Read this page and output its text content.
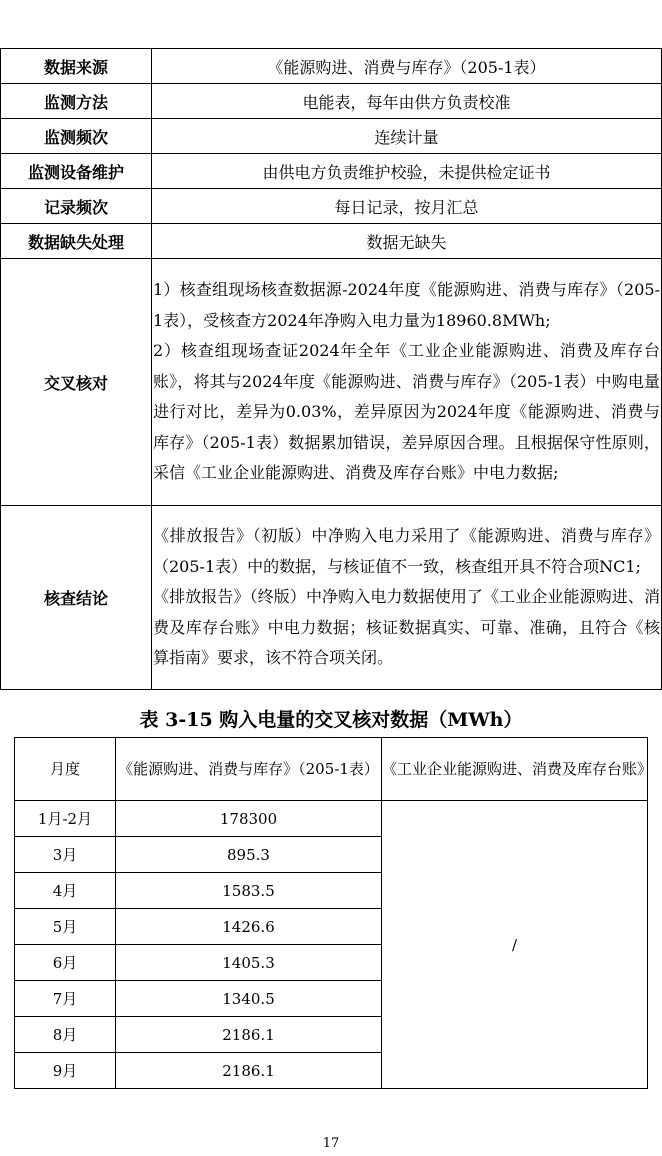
数据来源	《能源购进、消费与库存》（205-1表）
监测方法	电能表，每年由供方负责校准
监测频次	连续计量
监测设备维护	由供电方负责维护校验，未提供检定证书
记录频次	每日记录，按月汇总
数据缺失处理	数据无缺失
交叉核对	1）核查组现场核查数据源-2024年度《能源购进、消费与库存》（205-1表），受核查方2024年净购入电力量为18960.8MWh;

2）核查组现场查证2024年全年《工业企业能源购进、消费及库存台账》，将其与2024年度《能源购进、消费与库存》（205-1表）中购电量进行对比，差异为0.03%，差异原因为2024年度《能源购进、消费与库存》（205-1表）数据累加错误，差异原因合理。且根据保守性原则，采信《工业企业能源购进、消费及库存台账》中电力数据;

核查结论	《排放报告》（初版）中净购入电力采用了《能源购进、消费与库存》（205-1表）中的数据，与核证值不一致，核查组开具不符合项NC1;

《排放报告》（终版）中净购入电力数据使用了《工业企业能源购进、消费及库存台账》中电力数据；核证数据真实、可靠、准确，且符合《核算指南》要求，该不符合项关闭。

表 3-15 购入电量的交叉核对数据（MWh）
月度	《能源购进、消费与库存》（205-1表）	《工业企业能源购进、消费及库存台账》
1月-2月	178300	/
3月	895.3	
4月	1583.5	
5月	1426.6	
6月	1405.3	
7月	1340.5	
8月	2186.1	
9月	2186.1	
17
